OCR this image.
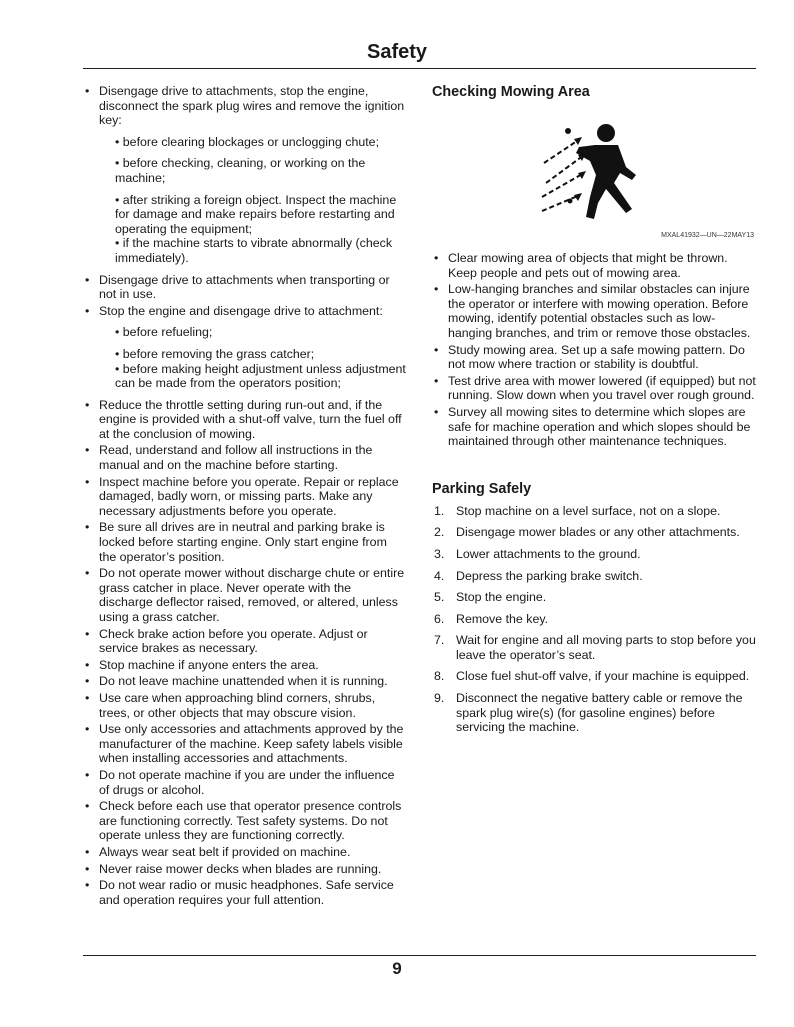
Safety
• Disengage drive to attachments, stop the engine, disconnect the spark plug wires and remove the ignition key:
• before clearing blockages or unclogging chute;
• before checking, cleaning, or working on the machine;
• after striking a foreign object. Inspect the machine for damage and make repairs before restarting and operating the equipment;
• if the machine starts to vibrate abnormally (check immediately).
• Disengage drive to attachments when transporting or not in use.
• Stop the engine and disengage drive to attachment:
• before refueling;
• before removing the grass catcher;
• before making height adjustment unless adjustment can be made from the operators position;
• Reduce the throttle setting during run-out and, if the engine is provided with a shut-off valve, turn the fuel off at the conclusion of mowing.
• Read, understand and follow all instructions in the manual and on the machine before starting.
• Inspect machine before you operate. Repair or replace damaged, badly worn, or missing parts. Make any necessary adjustments before you operate.
• Be sure all drives are in neutral and parking brake is locked before starting engine. Only start engine from the operator’s position.
• Do not operate mower without discharge chute or entire grass catcher in place. Never operate with the discharge deflector raised, removed, or altered, unless using a grass catcher.
• Check brake action before you operate. Adjust or service brakes as necessary.
• Stop machine if anyone enters the area.
• Do not leave machine unattended when it is running.
• Use care when approaching blind corners, shrubs, trees, or other objects that may obscure vision.
• Use only accessories and attachments approved by the manufacturer of the machine. Keep safety labels visible when installing accessories and attachments.
• Do not operate machine if you are under the influence of drugs or alcohol.
• Check before each use that operator presence controls are functioning correctly. Test safety systems. Do not operate unless they are functioning correctly.
• Always wear seat belt if provided on machine.
• Never raise mower decks when blades are running.
• Do not wear radio or music headphones. Safe service and operation requires your full attention.
Checking Mowing Area
MXAL41932—UN—22MAY13
• Clear mowing area of objects that might be thrown. Keep people and pets out of mowing area.
• Low-hanging branches and similar obstacles can injure the operator or interfere with mowing operation. Before mowing, identify potential obstacles such as low-hanging branches, and trim or remove those obstacles.
• Study mowing area. Set up a safe mowing pattern. Do not mow where traction or stability is doubtful.
• Test drive area with mower lowered (if equipped) but not running. Slow down when you travel over rough ground.
• Survey all mowing sites to determine which slopes are safe for machine operation and which slopes should be maintained through other maintenance techniques.
Parking Safely
1. Stop machine on a level surface, not on a slope.
2. Disengage mower blades or any other attachments.
3. Lower attachments to the ground.
4. Depress the parking brake switch.
5. Stop the engine.
6. Remove the key.
7. Wait for engine and all moving parts to stop before you leave the operator’s seat.
8. Close fuel shut-off valve, if your machine is equipped.
9. Disconnect the negative battery cable or remove the spark plug wire(s) (for gasoline engines) before servicing the machine.
9
